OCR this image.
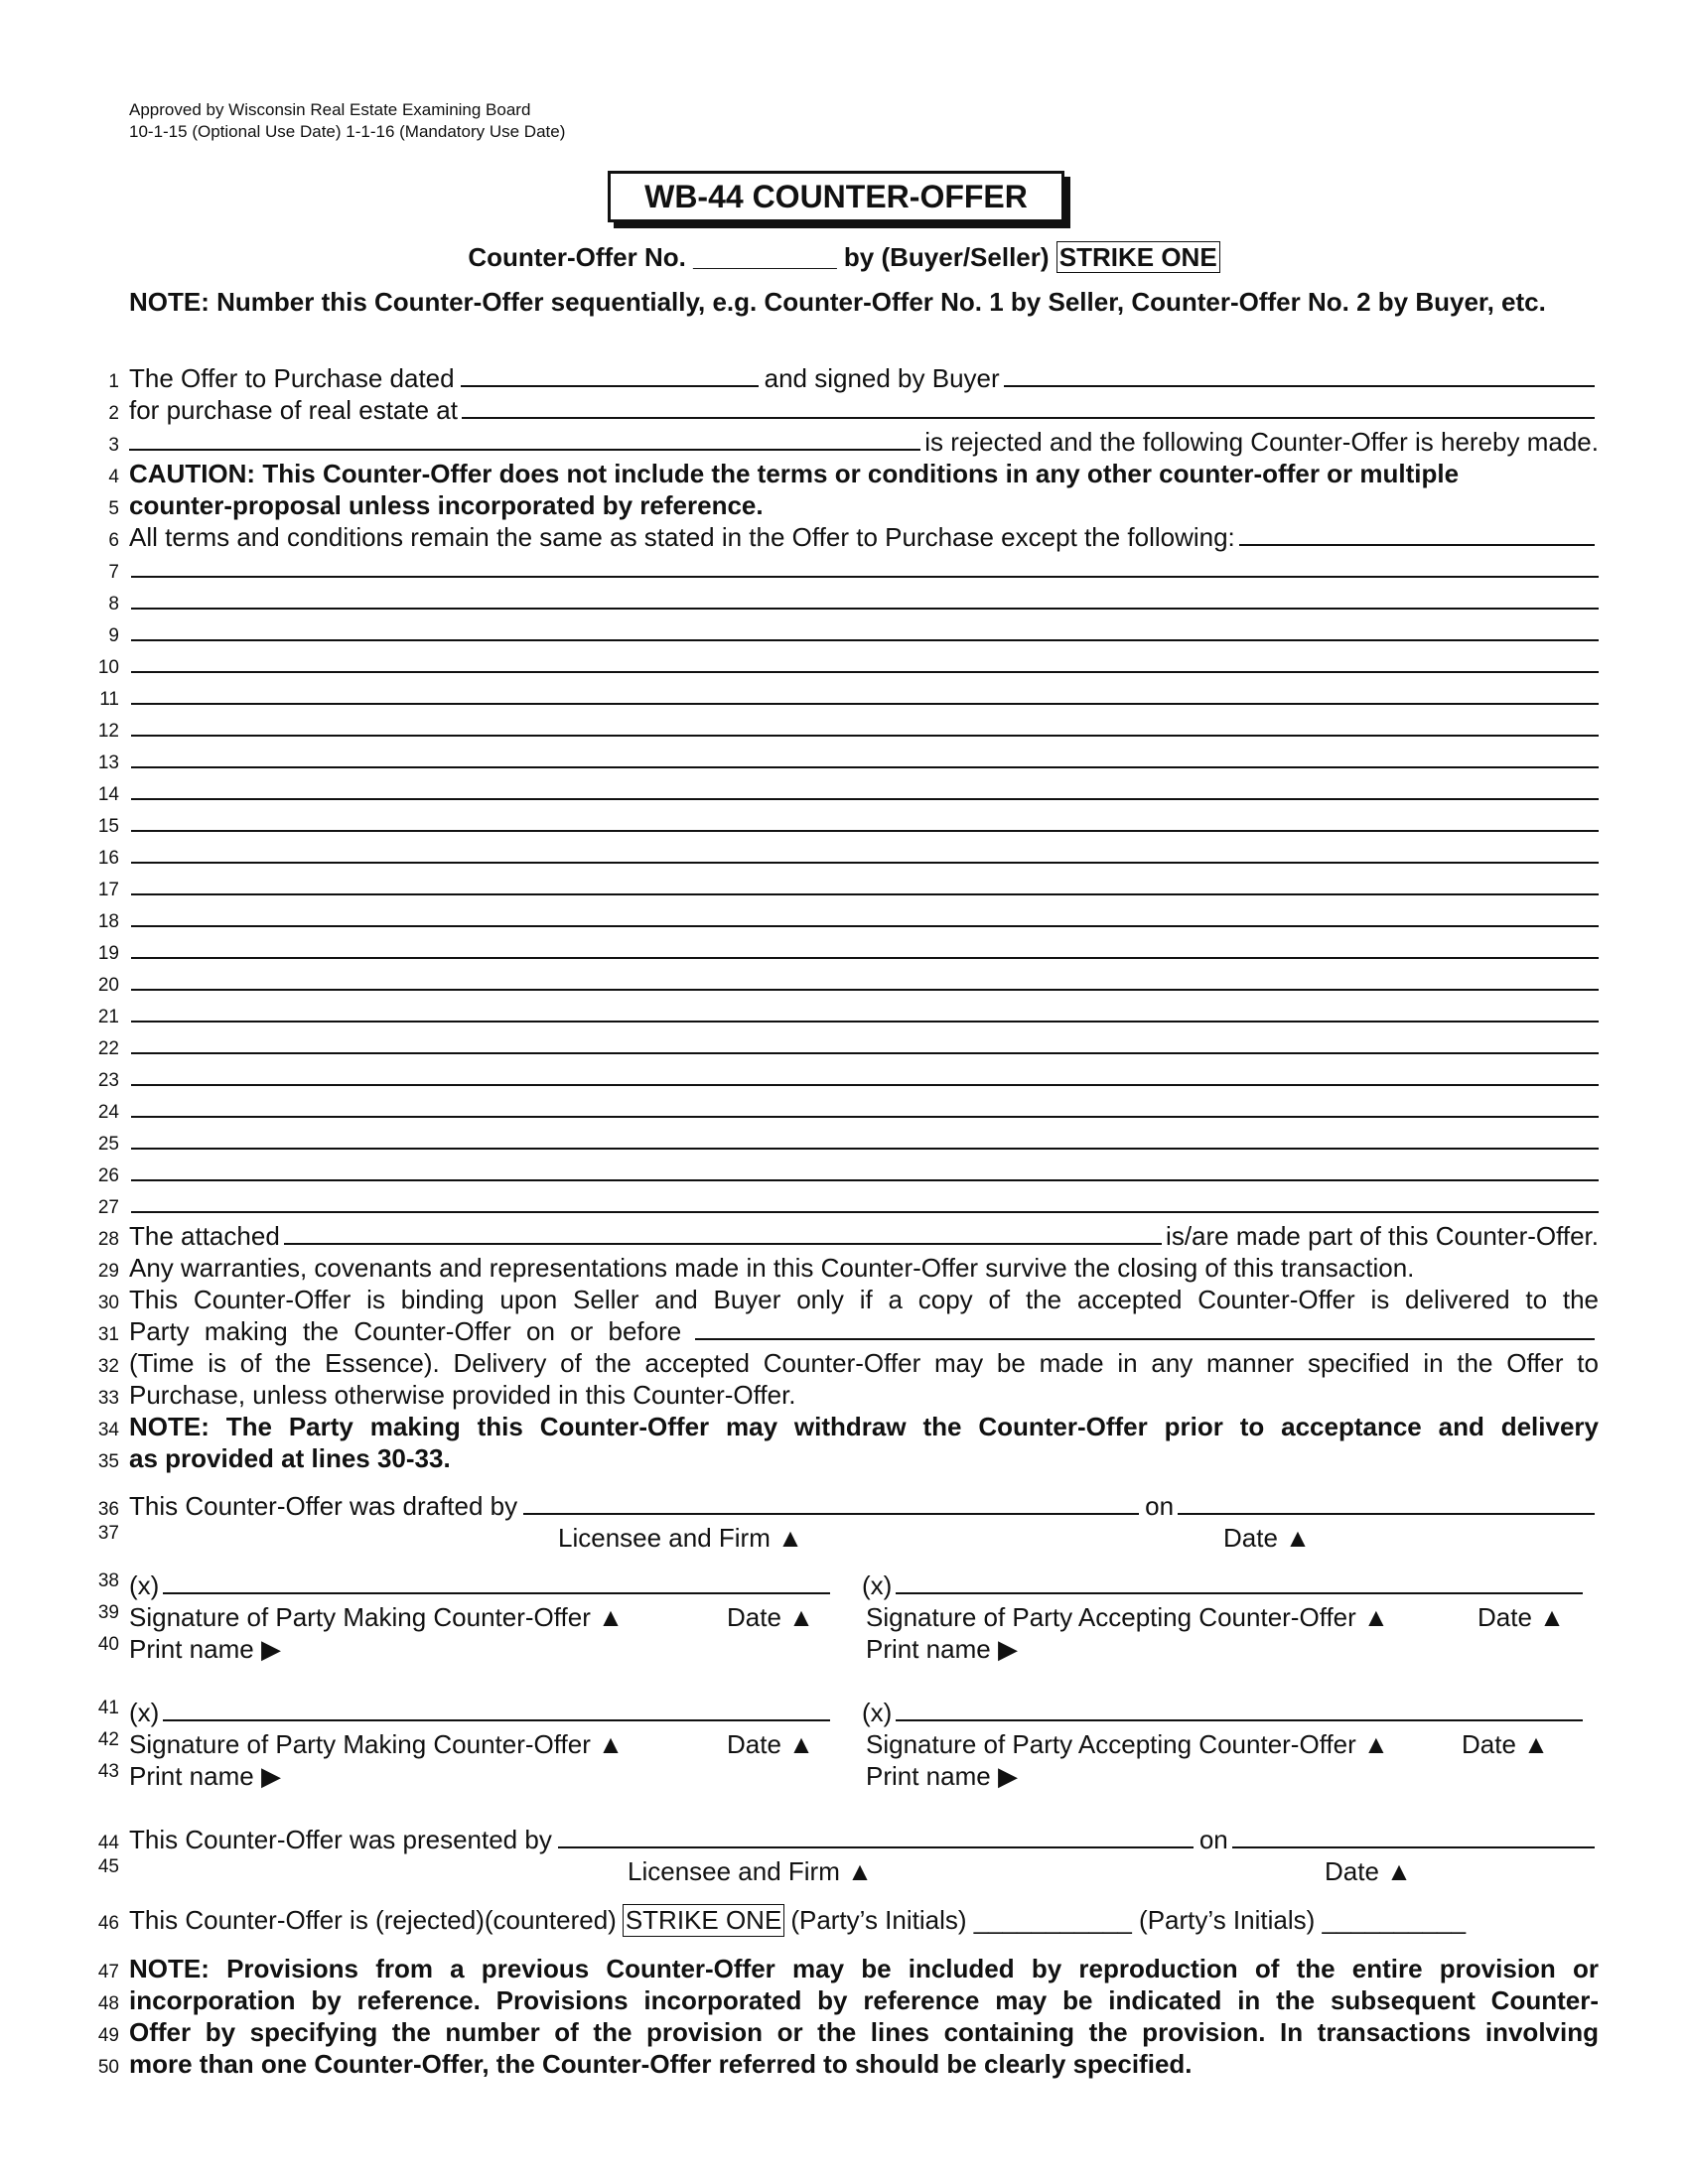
Approved by Wisconsin Real Estate Examining Board
10-1-15 (Optional Use Date) 1-1-16 (Mandatory Use Date)
WB-44 COUNTER-OFFER
Counter-Offer No. __________ by (Buyer/Seller) STRIKE ONE
NOTE: Number this Counter-Offer sequentially, e.g. Counter-Offer No. 1 by Seller, Counter-Offer No. 2 by Buyer, etc.
1 The Offer to Purchase dated	and signed by Buyer
2 for purchase of real estate at
3	is rejected and the following Counter-Offer is hereby made.
4 CAUTION: This Counter-Offer does not include the terms or conditions in any other counter-offer or multiple
5 counter-proposal unless incorporated by reference.
6 All terms and conditions remain the same as stated in the Offer to Purchase except the following:
7
8
9
10
11
12
13
14
15
16
17
18
19
20
21
22
23
24
25
26
27
28 The attached	is/are made part of this Counter-Offer.
29 Any warranties, covenants and representations made in this Counter-Offer survive the closing of this transaction.
30 This Counter-Offer is binding upon Seller and Buyer only if a copy of the accepted Counter-Offer is delivered to the
31 Party making the Counter-Offer on or before
32 (Time is of the Essence). Delivery of the accepted Counter-Offer may be made in any manner specified in the Offer to
33 Purchase, unless otherwise provided in this Counter-Offer.
34 NOTE: The Party making this Counter-Offer may withdraw the Counter-Offer prior to acceptance and delivery
35 as provided at lines 30-33.
36 This Counter-Offer was drafted by	on
37	Licensee and Firm ▲	Date ▲
38
39
40
(x)
Signature of Party Making Counter-Offer ▲	Date ▲
Print name ▶
(x)
Signature of Party Accepting Counter-Offer ▲	Date ▲
Print name ▶
41
42
43
(x)
Signature of Party Making Counter-Offer ▲	Date ▲
Print name ▶
(x)
Signature of Party Accepting Counter-Offer ▲	Date ▲
Print name ▶
44 This Counter-Offer was presented by	on
45	Licensee and Firm ▲	Date ▲
46 This Counter-Offer is (rejected)(countered) STRIKE ONE (Party’s Initials) ___________ (Party’s Initials) __________
47 NOTE: Provisions from a previous Counter-Offer may be included by reproduction of the entire provision or
48 incorporation by reference. Provisions incorporated by reference may be indicated in the subsequent Counter-
49 Offer by specifying the number of the provision or the lines containing the provision. In transactions involving
50 more than one Counter-Offer, the Counter-Offer referred to should be clearly specified.
